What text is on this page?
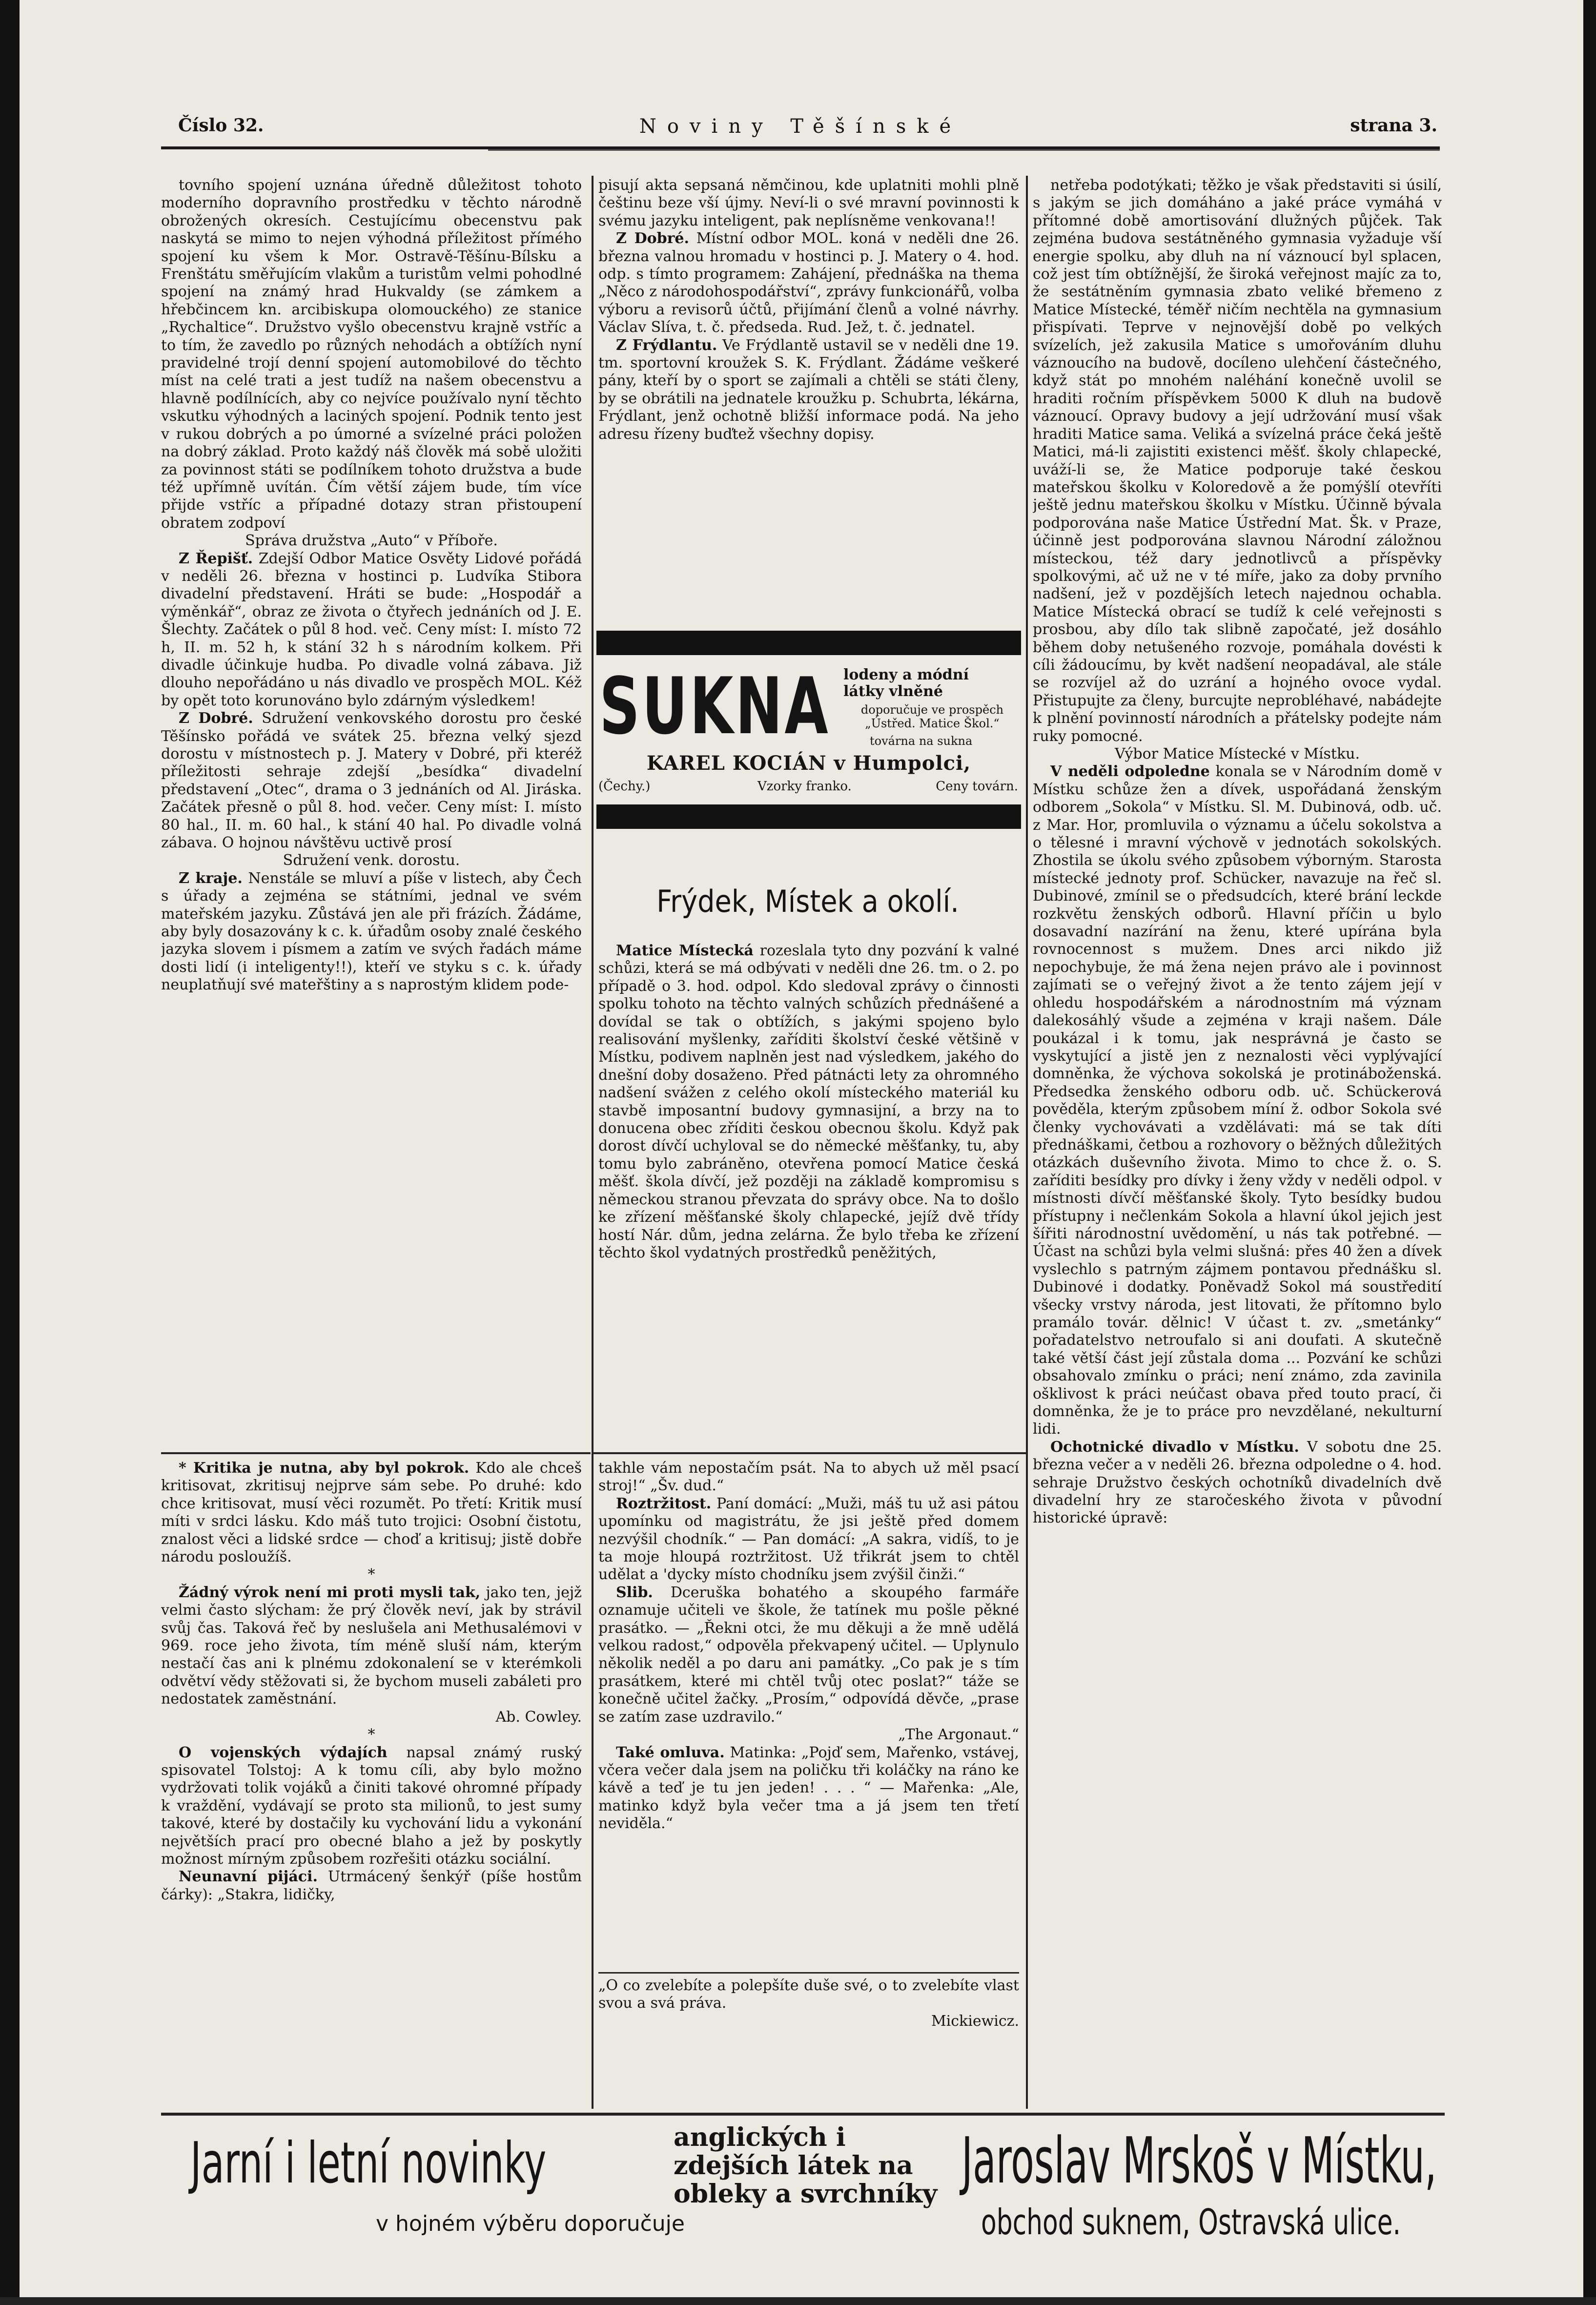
Číslo 32.	Noviny Těšínské	strana 3.

tovního spojení uznána úředně důležitost tohoto moderního dopravního prostředku v těchto národně obrožených okresích. Cestujícímu obecenstvu pak naskytá se mimo to nejen výhodná příležitost přímého spojení ku všem k Mor. Ostravě-Těšínu-Bílsku a Frenštátu směřujícím vlakům a turistům velmi pohodlné spojení na známý hrad Hukvaldy (se zámkem a hřebčincem kn. arcibiskupa olomouckého) ze stanice „Rychaltice“. Družstvo vyšlo obecenstvu krajně vstříc a to tím, že zavedlo po různých nehodách a obtížích nyní pravidelné trojí denní spojení automobilové do těchto míst na celé trati a jest tudíž na našem obecenstvu a hlavně podílnících, aby co nejvíce používalo nyní těchto vskutku výhodných a laciných spojení. Podnik tento jest v rukou dobrých a po úmorné a svízelné práci položen na dobrý základ. Proto každý náš člověk má sobě uložiti za povinnost státi se podílníkem tohoto družstva a bude též upřímně uvítán. Čím větší zájem bude, tím více přijde vstříc a případné dotazy stran přistoupení obratem zodpoví

Správa družstva „Auto“ v Příboře.

Z Řepišť. Zdejší Odbor Matice Osvěty Lidové pořádá v neděli 26. března v hostinci p. Ludvíka Stibora divadelní představení. Hráti se bude: „Hospodář a výměnkář“, obraz ze života o čtyřech jednáních od J. E. Šlechty. Začátek o půl 8 hod. več. Ceny míst: I. místo 72 h, II. m. 52 h, k stání 32 h s národním kolkem. Při divadle účinkuje hudba. Po divadle volná zábava. Již dlouho nepořádáno u nás divadlo ve prospěch MOL. Kéž by opět toto korunováno bylo zdárným výsledkem!

Z Dobré. Sdružení venkovského dorostu pro české Těšínsko pořádá ve svátek 25. března velký sjezd dorostu v místnostech p. J. Matery v Dobré, při kteréž příležitosti sehraje zdejší „besídka“ divadelní představení „Otec“, drama o 3 jednáních od Al. Jiráska. Začátek přesně o půl 8. hod. večer. Ceny míst: I. místo 80 hal., II. m. 60 hal., k stání 40 hal. Po divadle volná zábava. O hojnou návštěvu uctivě prosí

Sdružení venk. dorostu.

Z kraje. Nenstále se mluví a píše v listech, aby Čech s úřady a zejména se státními, jednal ve svém mateřském jazyku. Zůstává jen ale při frázích. Žádáme, aby byly dosazovány k c. k. úřadům osoby znalé českého jazyka slovem i písmem a zatím ve svých řadách máme dosti lidí (i inteligenty!!), kteří ve styku s c. k. úřady neuplatňují své mateřštiny a s naprostým klidem pode-

pisují akta sepsaná němčinou, kde uplatniti mohli plně češtinu beze vší újmy. Neví-li o své mravní povinnosti k svému jazyku inteligent, pak neplísněme venkovana!!

Z Dobré. Místní odbor MOL. koná v neděli dne 26. března valnou hromadu v hostinci p. J. Matery o 4. hod. odp. s tímto programem: Zahájení, přednáška na thema „Něco z národohospodářství“, zprávy funkcionářů, volba výboru a revisorů účtů, přijímání členů a volné návrhy. Václav Slíva, t. č. předseda. Rud. Jež, t. č. jednatel.

Z Frýdlantu. Ve Frýdlantě ustavil se v neděli dne 19. tm. sportovní kroužek S. K. Frýdlant. Žádáme veškeré pány, kteří by o sport se zajímali a chtěli se státi členy, by se obrátili na jednatele kroužku p. Schubrta, lékárna, Frýdlant, jenž ochotně bližší informace podá. Na jeho adresu řízeny buďtež všechny dopisy.

SUKNA lodeny a módní látky vlněné
doporučuje ve prospěch „Ústřed. Matice Škol.“
továrna na sukna
KAREL KOCIÁN v Humpolci,
(Čechy.)	Vzorky franko.	Ceny továrn.
Frýdek, Místek a okolí.

Matice Místecká rozeslala tyto dny pozvání k valné schůzi, která se má odbývati v neděli dne 26. tm. o 2. po případě o 3. hod. odpol. Kdo sledoval zprávy o činnosti spolku tohoto na těchto valných schůzích přednášené a dovídal se tak o obtížích, s jakými spojeno bylo realisování myšlenky, zaříditi školství české většině v Místku, podivem naplněn jest nad výsledkem, jakého do dnešní doby dosaženo. Před pátnácti lety za ohromného nadšení svážen z celého okolí místeckého materiál ku stavbě imposantní budovy gymnasijní, a brzy na to donucena obec zříditi českou obecnou školu. Když pak dorost dívčí uchyloval se do německé měšťanky, tu, aby tomu bylo zabráněno, otevřena pomocí Matice česká měšť. škola dívčí, jež později na základě kompromisu s německou stranou převzata do správy obce. Na to došlo ke zřízení měšťanské školy chlapecké, jejíž dvě třídy hostí Nár. dům, jedna zelárna. Že bylo třeba ke zřízení těchto škol vydatných prostředků peněžitých,

netřeba podotýkati; těžko je však představiti si úsilí, s jakým se jich domáháno a jaké práce vymáhá v přítomné době amortisování dlužných půjček. Tak zejména budova sestátněného gymnasia vyžaduje vší energie spolku, aby dluh na ní váznoucí byl splacen, což jest tím obtížnější, že široká veřejnost majíc za to, že sestátněním gymnasia zbato veliké břemeno z Matice Místecké, téměř ničím nechtěla na gymnasium přispívati. Teprve v nejnovější době po velkých svízelích, jež zakusila Matice s umořováním dluhu váznoucího na budově, docíleno ulehčení částečného, když stát po mnohém naléhání konečně uvolil se hraditi ročním příspěvkem 5000 K dluh na budově váznoucí. Opravy budovy a její udržování musí však hraditi Matice sama. Veliká a svízelná práce čeká ještě Matici, má-li zajistiti existenci měšť. školy chlapecké, uváží-li se, že Matice podporuje také českou mateřskou školku v Koloredově a že pomýšlí otevříti ještě jednu mateřskou školku v Místku. Účinně bývala podporována naše Matice Ústřední Mat. Šk. v Praze, účinně jest podporována slavnou Národní záložnou místeckou, též dary jednotlivců a příspěvky spolkovými, ač už ne v té míře, jako za doby prvního nadšení, jež v pozdějších letech najednou ochabla. Matice Místecká obrací se tudíž k celé veřejnosti s prosbou, aby dílo tak slibně započaté, jež dosáhlo během doby netušeného rozvoje, pomáhala dovésti k cíli žádoucímu, by květ nadšení neopadával, ale stále se rozvíjel až do uzrání a hojného ovoce vydal. Přistupujte za členy, burcujte neprobléhavé, nabádejte k plnění povinností národních a přátelsky podejte nám ruky pomocné.

Výbor Matice Místecké v Místku.

V neděli odpoledne konala se v Národním domě v Místku schůze žen a dívek, uspořádaná ženským odborem „Sokola“ v Místku. Sl. M. Dubinová, odb. uč. z Mar. Hor, promluvila o významu a účelu sokolstva a o tělesné i mravní výchově v jednotách sokolských. Zhostila se úkolu svého způsobem výborným. Starosta místecké jednoty prof. Schücker, navazuje na řeč sl. Dubinové, zmínil se o předsudcích, které brání leckde rozkvětu ženských odborů. Hlavní příčin u bylo dosavadní nazírání na ženu, které upírána byla rovnocennost s mužem. Dnes arci nikdo již nepochybuje, že má žena nejen právo ale i povinnost zajímati se o veřejný život a že tento zájem její v ohledu hospodářském a národnostním má význam dalekosáhlý všude a zejména v kraji našem. Dále poukázal i k tomu, jak nesprávná je často se vyskytující a jistě jen z neznalosti věci vyplývající domněnka, že výchova sokolská je protináboženská. Předsedka ženského odboru odb. uč. Schückerová pověděla, kterým způsobem míní ž. odbor Sokola své členky vychovávati a vzdělávati: má se tak díti přednáškami, četbou a rozhovory o běžných důležitých otázkách duševního života. Mimo to chce ž. o. S. zaříditi besídky pro dívky i ženy vždy v neděli odpol. v místnosti dívčí měšťanské školy. Tyto besídky budou přístupny i nečlenkám Sokola a hlavní úkol jejich jest šířiti národnostní uvědomění, u nás tak potřebné. — Účast na schůzi byla velmi slušná: přes 40 žen a dívek vyslechlo s patrným zájmem pontavou přednášku sl. Dubinové i dodatky. Poněvadž Sokol má soustředití všecky vrstvy národa, jest litovati, že přítomno bylo pramálo továr. dělnic! V účast t. zv. „smetánky“ pořadatelstvo netroufalo si ani doufati. A skutečně také větší část její zůstala doma ... Pozvání ke schůzi obsahovalo zmínku o práci; není známo, zda zavinila ošklivost k práci neúčast obava před touto prací, či domněnka, že je to práce pro nevzdělané, nekulturní lidi.

Ochotnické divadlo v Místku. V sobotu dne 25. března večer a v neděli 26. března odpoledne o 4. hod. sehraje Družstvo českých ochotníků divadelních dvě divadelní hry ze staročeského života v původní historické úpravě:

* Kritika je nutna, aby byl pokrok. Kdo ale chceš kritisovat, zkritisuj nejprve sám sebe. Po druhé: kdo chce kritisovat, musí věci rozumět. Po třetí: Kritik musí míti v srdci lásku. Kdo máš tuto trojici: Osobní čistotu, znalost věci a lidské srdce — choď a kritisuj; jistě dobře národu posloužíš.

*

Žádný výrok není mi proti mysli tak, jako ten, jejž velmi často slýcham: že prý člověk neví, jak by strávil svůj čas. Taková řeč by neslušela ani Methusalémovi v 969. roce jeho života, tím méně sluší nám, kterým nestačí čas ani k plnému zdokonalení se v kterémkoli odvětví vědy stěžovati si, že bychom museli zabáleti pro nedostatek zaměstnání.

Ab. Cowley.

*

O vojenských výdajích napsal známý ruský spisovatel Tolstoj: A k tomu cíli, aby bylo možno vydržovati tolik vojáků a činiti takové ohromné případy k vraždění, vydávají se proto sta milionů, to jest sumy takové, které by dostačily ku vychování lidu a vykonání největších prací pro obecné blaho a jež by poskytly možnost mírným způsobem rozřešiti otázku sociální.

Neunavní pijáci. Utrmácený šenkýř (píše hostům čárky): „Stakra, lidičky,

takhle vám nepostačím psát. Na to abych už měl psací stroj!“ „Šv. dud.“

Roztržitost. Paní domácí: „Muži, máš tu už asi pátou upomínku od magistrátu, že jsi ještě před domem nezvýšil chodník.“ — Pan domácí: „A sakra, vidíš, to je ta moje hloupá roztržitost. Už třikrát jsem to chtěl udělat a 'dycky místo chodníku jsem zvýšil činži.“

Slib. Dceruška bohatého a skoupého farmáře oznamuje učiteli ve škole, že tatínek mu pošle pěkné prasátko. — „Řekni otci, že mu děkuji a že mně udělá velkou radost,“ odpověla překvapený učitel. — Uplynulo několik neděl a po daru ani památky. „Co pak je s tím prasátkem, které mi chtěl tvůj otec poslat?“ táže se konečně učitel žačky. „Prosím,“ odpovídá děvče, „prase se zatím zase uzdravilo.“

„The Argonaut.“

Také omluva. Matinka: „Pojď sem, Mařenko, vstávej, včera večer dala jsem na poličku tři koláčky na ráno ke kávě a teď je tu jen jeden! . . . “ — Mařenka: „Ale, matinko když byla večer tma a já jsem ten třetí neviděla.“

„O co zvelebíte a polepšíte duše své, o to zvelebíte vlast svou a svá práva.

Mickiewicz.

Jarní i letní novinky	anglických i zdejších látek na obleky a svrchníky Jaroslav Mrskoš v Místku,
v hojném výběru doporučuje	obchod suknem, Ostravská ulice.
